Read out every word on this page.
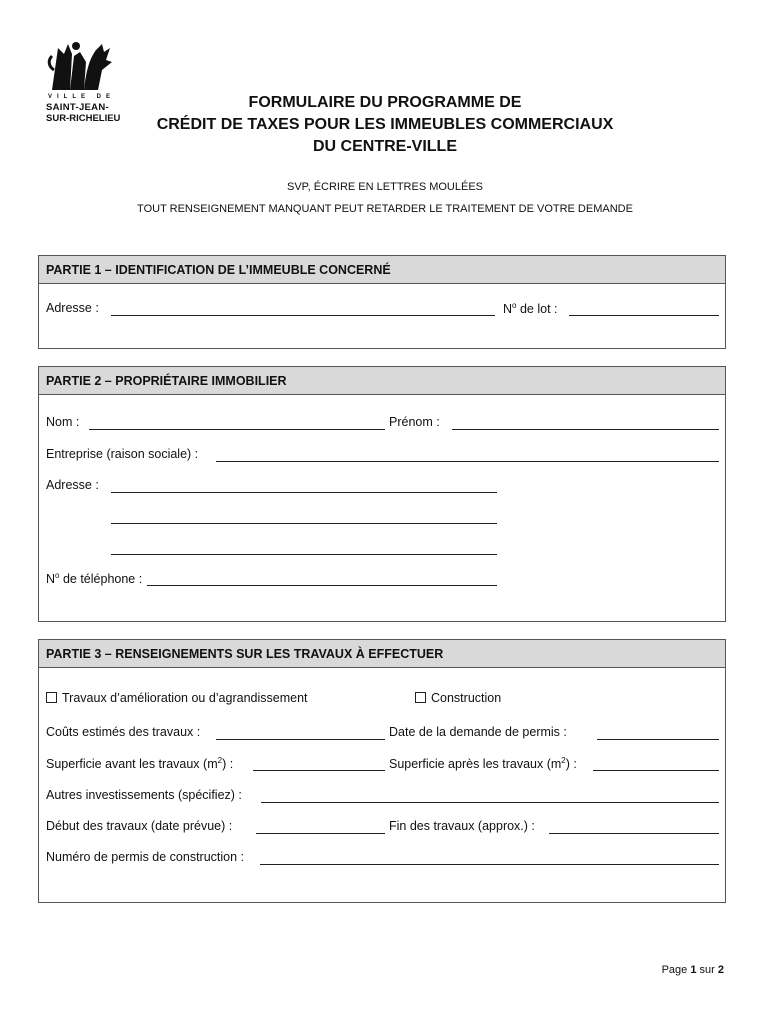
VILLE DE
SAINT-JEAN-
SUR-RICHELIEU
FORMULAIRE DU PROGRAMME DE
CRÉDIT DE TAXES POUR LES IMMEUBLES COMMERCIAUX
DU CENTRE-VILLE
SVP, ÉCRIRE EN LETTRES MOULÉES
TOUT RENSEIGNEMENT MANQUANT PEUT RETARDER LE TRAITEMENT DE VOTRE DEMANDE
PARTIE 1 – IDENTIFICATION DE L’IMMEUBLE CONCERNÉ
Adresse :	$N^o$ de lot :
PARTIE 2 – PROPRIÉTAIRE IMMOBILIER
Nom :	Prénom :
Entreprise (raison sociale) :
Adresse :
$N^o$ de téléphone :
PARTIE 3 – RENSEIGNEMENTS SUR LES TRAVAUX À EFFECTUER
Travaux d’amélioration ou d’agrandissement	Construction
Coûts estimés des travaux :	Date de la demande de permis :
Superficie avant les travaux $(m^2)$ :	Superficie après les travaux $(m^2)$ :
Autres investissements (spécifiez) :
Début des travaux (date prévue) :	Fin des travaux (approx.) :
Numéro de permis de construction :
Page 1 sur 2
